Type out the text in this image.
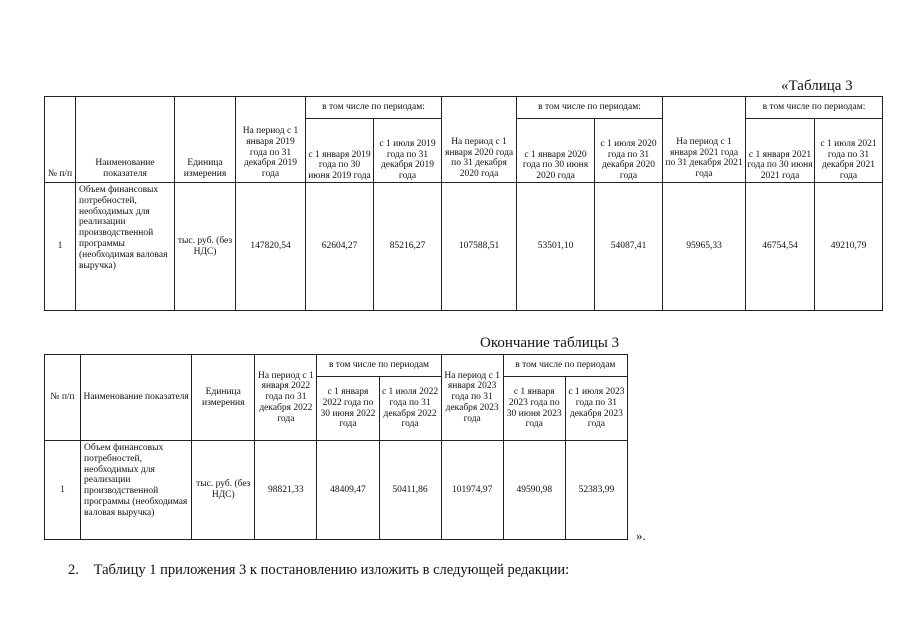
«Таблица 3
№ п/п	Наименование показателя	Единица измерения	На период с 1 января 2019 года по 31 декабря 2019 года	в том числе по периодам:		На период с 1 января 2020 года по 31 декабря 2020 года	в том числе по периодам:		На период с 1 января 2021 года по 31 декабря 2021 года	в том числе по периодам:	
				с 1 января 2019 года по 30 июня 2019 года	с 1 июля 2019 года по 31 декабря 2019 года		с 1 января 2020 года по 30 июня 2020 года	с 1 июля 2020 года по 31 декабря 2020 года		с 1 января 2021 года по 30 июня 2021 года	с 1 июля 2021 года по 31 декабря 2021 года
1	Объем финансовых потребностей, необходимых для реализации производственной программы (необходимая валовая выручка)	тыс. руб. (без НДС)	147820,54	62604,27	85216,27	107588,51	53501,10	54087,41	95965,33	46754,54	49210,79
Окончание таблицы 3
№ п/п	Наименование показателя	Единица измерения	На период с 1 января 2022 года по 31 декабря 2022 года	в том числе по периодам		На период с 1 января 2023 года по 31 декабря 2023 года	в том числе по периодам	
				с 1 января 2022 года по 30 июня 2022 года	с 1 июля 2022 года по 31 декабря 2022 года		с 1 января 2023 года по 30 июня 2023 года	с 1 июля 2023 года по 31 декабря 2023 года
1	Объем финансовых потребностей, необходимых для реализации производственной программы (необходимая валовая выручка)	тыс. руб. (без НДС)	98821,33	48409,47	50411,86	101974,97	49590,98	52383,99
».
2. Таблицу 1 приложения 3 к постановлению изложить в следующей редакции:
